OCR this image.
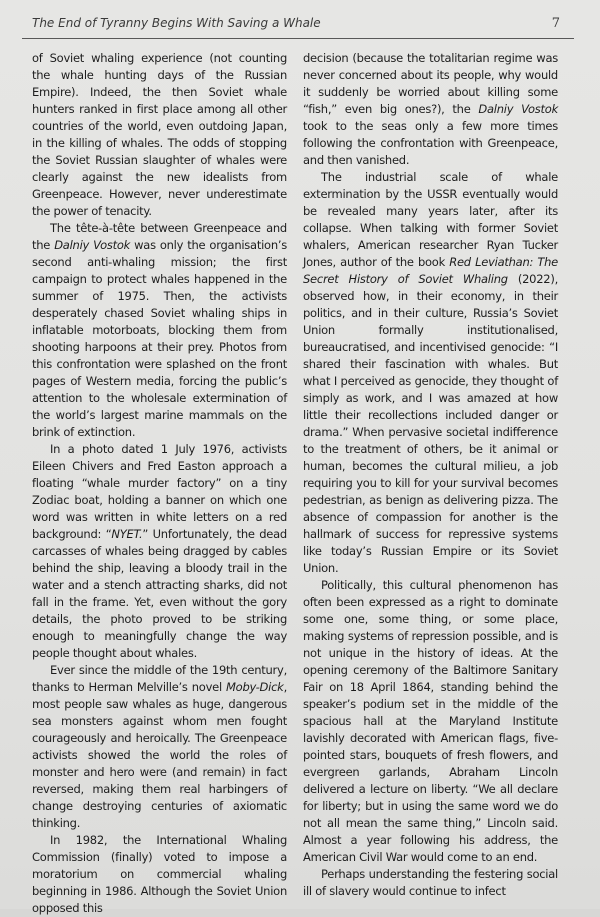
The End of Tyranny Begins With Saving a Whale	7

of Soviet whaling experience (not counting the whale hunting days of the Russian Empire). Indeed, the then Soviet whale hunters ranked in first place among all other countries of the world, even outdoing Japan, in the killing of whales. The odds of stopping the Soviet Russian slaughter of whales were clearly against the new idealists from Greenpeace. However, never underestimate the power of tenacity.

The tête-à-tête between Greenpeace and the Dalniy Vostok was only the organisation’s second anti-whaling mission; the first campaign to protect whales happened in the summer of 1975. Then, the activists desperately chased Soviet whaling ships in inflatable motorboats, blocking them from shooting harpoons at their prey. Photos from this confrontation were splashed on the front pages of Western media, forcing the public’s attention to the wholesale extermination of the world’s largest marine mammals on the brink of extinction.

In a photo dated 1 July 1976, activists Eileen Chivers and Fred Easton approach a floating “whale murder factory” on a tiny Zodiac boat, holding a banner on which one word was written in white letters on a red background: “NYET.” Unfortunately, the dead carcasses of whales being dragged by cables behind the ship, leaving a bloody trail in the water and a stench attracting sharks, did not fall in the frame. Yet, even without the gory details, the photo proved to be striking enough to meaningfully change the way people thought about whales.

Ever since the middle of the 19th century, thanks to Herman Melville’s novel Moby-Dick, most people saw whales as huge, dangerous sea monsters against whom men fought courageously and heroically. The Greenpeace activists showed the world the roles of monster and hero were (and remain) in fact reversed, making them real harbingers of change destroying centuries of axiomatic thinking.

In 1982, the International Whaling Commission (finally) voted to impose a moratorium on commercial whaling beginning in 1986. Although the Soviet Union opposed this

decision (because the totalitarian regime was never concerned about its people, why would it suddenly be worried about killing some “fish,” even big ones?), the Dalniy Vostok took to the seas only a few more times following the confrontation with Greenpeace, and then vanished.

The industrial scale of whale extermination by the USSR eventually would be revealed many years later, after its collapse. When talking with former Soviet whalers, American researcher Ryan Tucker Jones, author of the book Red Leviathan: The Secret History of Soviet Whaling (2022), observed how, in their economy, in their politics, and in their culture, Russia’s Soviet Union formally institutionalised, bureaucratised, and incentivised genocide: “I shared their fascination with whales. But what I perceived as genocide, they thought of simply as work, and I was amazed at how little their recollections included danger or drama.” When pervasive societal indifference to the treatment of others, be it animal or human, becomes the cultural milieu, a job requiring you to kill for your survival becomes pedestrian, as benign as delivering pizza. The absence of compassion for another is the hallmark of success for repressive systems like today’s Russian Empire or its Soviet Union.

Politically, this cultural phenomenon has often been expressed as a right to dominate some one, some thing, or some place, making systems of repression possible, and is not unique in the history of ideas. At the opening ceremony of the Baltimore Sanitary Fair on 18 April 1864, standing behind the speaker’s podium set in the middle of the spacious hall at the Maryland Institute lavishly decorated with American flags, five-pointed stars, bouquets of fresh flowers, and evergreen garlands, Abraham Lincoln delivered a lecture on liberty. “We all declare for liberty; but in using the same word we do not all mean the same thing,” Lincoln said. Almost a year following his address, the American Civil War would come to an end.

Perhaps understanding the festering social ill of slavery would continue to infect
